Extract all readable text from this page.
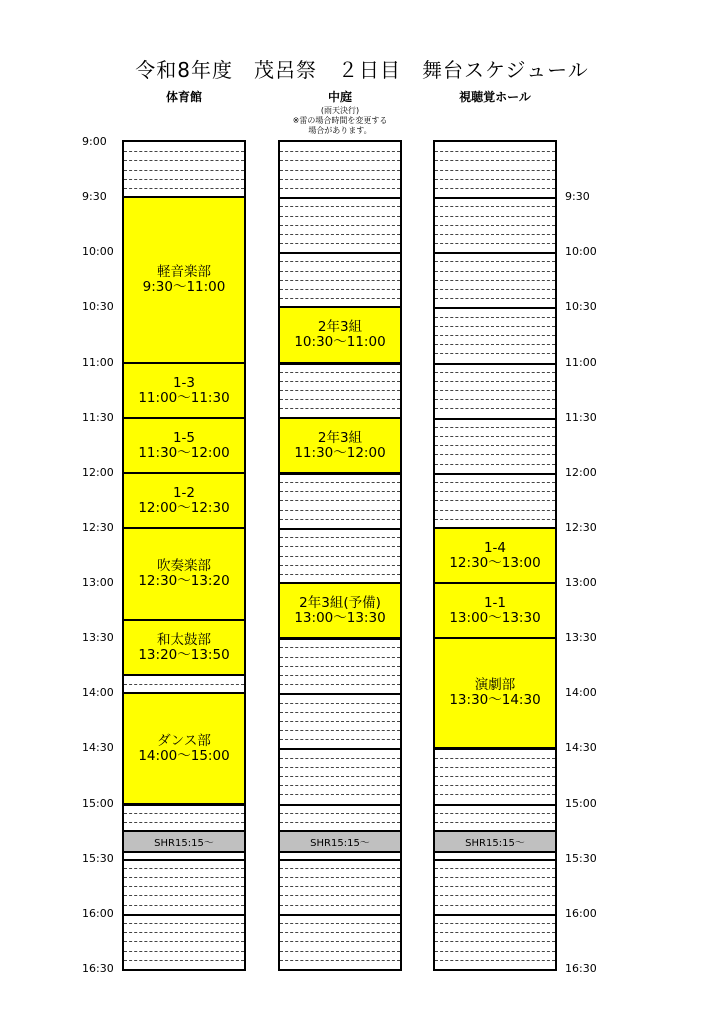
令和8年度　茂呂祭　２日目　舞台スケジュール
体育館	中庭	視聴覚ホール
(雨天決行)
※雷の場合時間を変更する
場合があります。
軽音楽部
9:30〜11:00
1-3
11:00〜11:30
1-5
11:30〜12:00
1-2
12:00〜12:30
吹奏楽部
12:30〜13:20
和太鼓部
13:20〜13:50
ダンス部
14:00〜15:00
SHR15:15〜
2年3組
10:30〜11:00
2年3組
11:30〜12:00
2年3組(予備)
13:00〜13:30
SHR15:15〜
1-4
12:30〜13:00
1-1
13:00〜13:30
演劇部
13:30〜14:30
SHR15:15〜
9:00
9:30
10:00
10:30
11:00
11:30
12:00
12:30
13:00
13:30
14:00
14:30
15:00
15:30
16:00
16:30
9:30
10:00
10:30
11:00
11:30
12:00
12:30
13:00
13:30
14:00
14:30
15:00
15:30
16:00
16:30
